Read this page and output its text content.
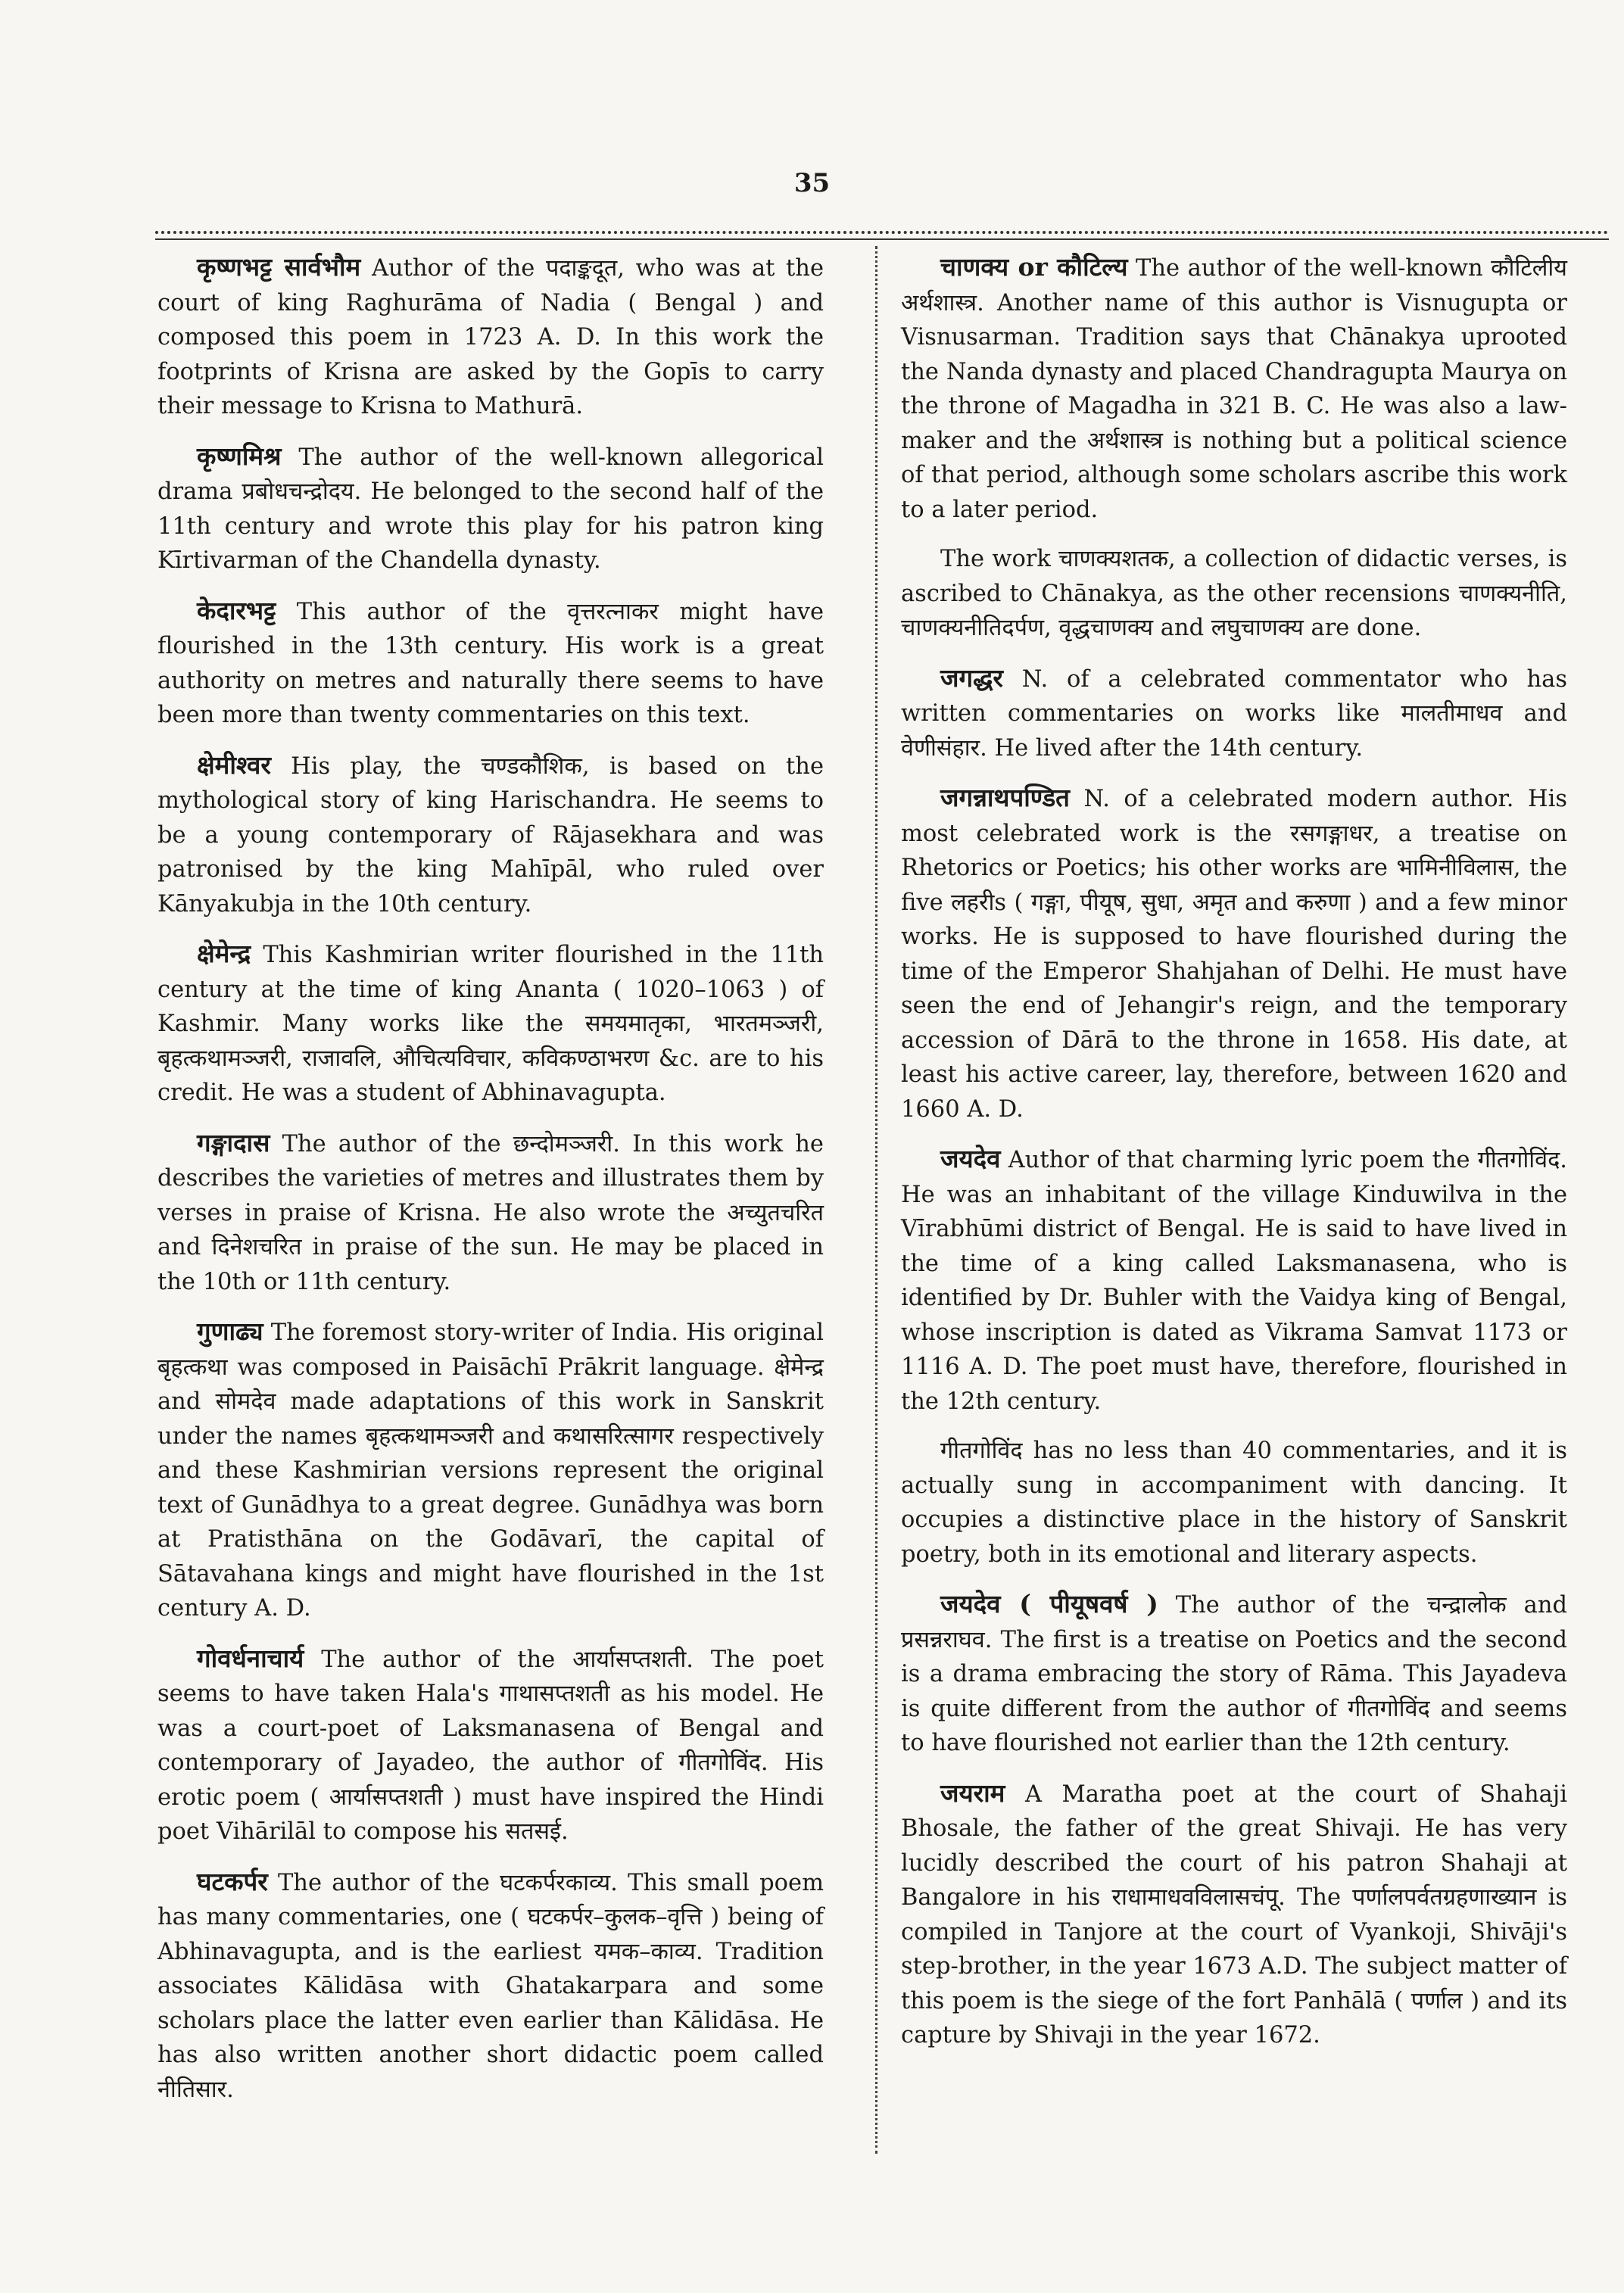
35

कृष्णभट्ट सार्वभौम Author of the पदाङ्कदूत, who was at the court of king Raghurāma of Nadia ( Bengal ) and composed this poem in 1723 A. D. In this work the footprints of Krisna are asked by the Gopīs to carry their message to Krisna to Mathurā.

कृष्णमिश्र The author of the well-known allegorical drama प्रबोधचन्द्रोदय. He belonged to the second half of the 11th century and wrote this play for his patron king Kīrtivarman of the Chandella dynasty.

केदारभट्ट This author of the वृत्तरत्नाकर might have flourished in the 13th century. His work is a great authority on metres and naturally there seems to have been more than twenty commentaries on this text.

क्षेमीश्वर His play, the चण्डकौशिक, is based on the mythological story of king Harischandra. He seems to be a young contemporary of Rājasekhara and was patronised by the king Mahīpāl, who ruled over Kānyakubja in the 10th century.

क्षेमेन्द्र This Kashmirian writer flourished in the 11th century at the time of king Ananta ( 1020–1063 ) of Kashmir. Many works like the समयमातृका, भारतमञ्जरी, बृहत्कथामञ्जरी, राजावलि, औचित्यविचार, कविकण्ठाभरण &c. are to his credit. He was a student of Abhinavagupta.

गङ्गादास The author of the छन्दोमञ्जरी. In this work he describes the varieties of metres and illustrates them by verses in praise of Krisna. He also wrote the अच्युतचरित and दिनेशचरित in praise of the sun. He may be placed in the 10th or 11th century.

गुणाढ्य The foremost story-writer of India. His original बृहत्कथा was composed in Paisāchī Prākrit language. क्षेमेन्द्र and सोमदेव made adaptations of this work in Sanskrit under the names बृहत्कथामञ्जरी and कथासरित्सागर respectively and these Kashmirian versions represent the original text of Gunādhya to a great degree. Gunādhya was born at Pratisthāna on the Godāvarī, the capital of Sātavahana kings and might have flourished in the 1st century A. D.

गोवर्धनाचार्य The author of the आर्यासप्तशती. The poet seems to have taken Hala's गाथासप्तशती as his model. He was a court-poet of Laksmanasena of Bengal and contemporary of Jayadeo, the author of गीतगोविंद. His erotic poem ( आर्यासप्तशती ) must have inspired the Hindi poet Vihārilāl to compose his सतसई.

घटकर्पर The author of the घटकर्परकाव्य. This small poem has many commentaries, one ( घटकर्पर–कुलक–वृत्ति ) being of Abhinavagupta, and is the earliest यमक–काव्य. Tradition associates Kālidāsa with Ghatakarpara and some scholars place the latter even earlier than Kālidāsa. He has also written another short didactic poem called नीतिसार.

चाणक्य or कौटिल्य The author of the well-known कौटिलीय अर्थशास्त्र. Another name of this author is Visnugupta or Visnusarman. Tradition says that Chānakya uprooted the Nanda dynasty and placed Chandragupta Maurya on the throne of Magadha in 321 B. C. He was also a law-maker and the अर्थशास्त्र is nothing but a political science of that period, although some scholars ascribe this work to a later period.

The work चाणक्यशतक, a collection of didactic verses, is ascribed to Chānakya, as the other recensions चाणक्यनीति, चाणक्यनीतिदर्पण, वृद्धचाणक्य and लघुचाणक्य are done.

जगद्धर N. of a celebrated commentator who has written commentaries on works like मालतीमाधव and वेणीसंहार. He lived after the 14th century.

जगन्नाथपण्डित N. of a celebrated modern author. His most celebrated work is the रसगङ्गाधर, a treatise on Rhetorics or Poetics; his other works are भामिनीविलास, the five लहरीs ( गङ्गा, पीयूष, सुधा, अमृत and करुणा ) and a few minor works. He is supposed to have flourished during the time of the Emperor Shahjahan of Delhi. He must have seen the end of Jehangir's reign, and the temporary accession of Dārā to the throne in 1658. His date, at least his active career, lay, therefore, between 1620 and 1660 A. D.

जयदेव Author of that charming lyric poem the गीतगोविंद. He was an inhabitant of the village Kinduwilva in the Vīrabhūmi district of Bengal. He is said to have lived in the time of a king called Laksmanasena, who is identified by Dr. Buhler with the Vaidya king of Bengal, whose inscription is dated as Vikrama Samvat 1173 or 1116 A. D. The poet must have, therefore, flourished in the 12th century.

गीतगोविंद has no less than 40 commentaries, and it is actually sung in accompaniment with dancing. It occupies a distinctive place in the history of Sanskrit poetry, both in its emotional and literary aspects.

जयदेव ( पीयूषवर्ष ) The author of the चन्द्रालोक and प्रसन्नराघव. The first is a treatise on Poetics and the second is a drama embracing the story of Rāma. This Jayadeva is quite different from the author of गीतगोविंद and seems to have flourished not earlier than the 12th century.

जयराम A Maratha poet at the court of Shahaji Bhosale, the father of the great Shivaji. He has very lucidly described the court of his patron Shahaji at Bangalore in his राधामाधवविलासचंपू. The पर्णालपर्वतग्रहणाख्यान is compiled in Tanjore at the court of Vyankoji, Shivāji's step-brother, in the year 1673 A.D. The subject matter of this poem is the siege of the fort Panhālā ( पर्णाल ) and its capture by Shivaji in the year 1672.
